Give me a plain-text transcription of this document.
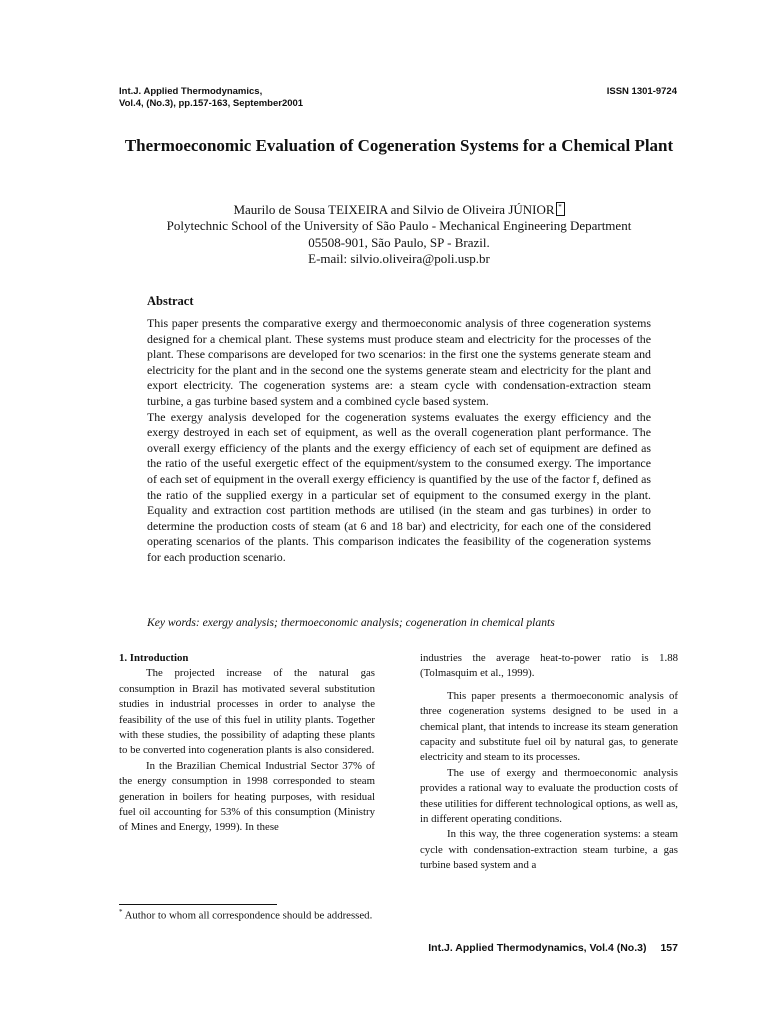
Int.J. Applied Thermodynamics,
Vol.4, (No.3), pp.157-163, September2001
ISSN 1301-9724
Thermoeconomic Evaluation of Cogeneration Systems for a Chemical Plant
Maurilo de Sousa TEIXEIRA and Silvio de Oliveira JÚNIOR *
Polytechnic School of the University of São Paulo - Mechanical Engineering Department
05508-901, São Paulo, SP - Brazil.
E-mail: silvio.oliveira@poli.usp.br
Abstract

This paper presents the comparative exergy and thermoeconomic analysis of three cogeneration systems designed for a chemical plant. These systems must produce steam and electricity for the processes of the plant. These comparisons are developed for two scenarios: in the first one the systems generate steam and electricity for the plant and in the second one the systems generate steam and electricity for the plant and export electricity. The cogeneration systems are: a steam cycle with condensation-extraction steam turbine, a gas turbine based system and a combined cycle based system.

The exergy analysis developed for the cogeneration systems evaluates the exergy efficiency and the exergy destroyed in each set of equipment, as well as the overall cogeneration plant performance. The overall exergy efficiency of the plants and the exergy efficiency of each set of equipment are defined as the ratio of the useful exergetic effect of the equipment/system to the consumed exergy. The importance of each set of equipment in the overall exergy efficiency is quantified by the use of the factor f, defined as the ratio of the supplied exergy in a particular set of equipment to the consumed exergy in the plant. Equality and extraction cost partition methods are utilised (in the steam and gas turbines) in order to determine the production costs of steam (at 6 and 18 bar) and electricity, for each one of the considered operating scenarios of the plants. This comparison indicates the feasibility of the cogeneration systems for each production scenario.

Key words: exergy analysis; thermoeconomic analysis; cogeneration in chemical plants

1. Introduction

The projected increase of the natural gas consumption in Brazil has motivated several substitution studies in industrial processes in order to analyse the feasibility of the use of this fuel in utility plants. Together with these studies, the possibility of adapting these plants to be converted into cogeneration plants is also considered.

In the Brazilian Chemical Industrial Sector 37% of the energy consumption in 1998 corresponded to steam generation in boilers for heating purposes, with residual fuel oil accounting for 53% of this consumption (Ministry of Mines and Energy, 1999). In these

industries the average heat-to-power ratio is 1.88 (Tolmasquim et al., 1999).

This paper presents a thermoeconomic analysis of three cogeneration systems designed to be used in a chemical plant, that intends to increase its steam generation capacity and substitute fuel oil by natural gas, to generate electricity and steam to its processes.

The use of exergy and thermoeconomic analysis provides a rational way to evaluate the production costs of these utilities for different technological options, as well as, in different operating conditions.

In this way, the three cogeneration systems: a steam cycle with condensation-extraction steam turbine, a gas turbine based system and a

* Author to whom all correspondence should be addressed.
Int.J. Applied Thermodynamics, Vol.4 (No.3) 157
